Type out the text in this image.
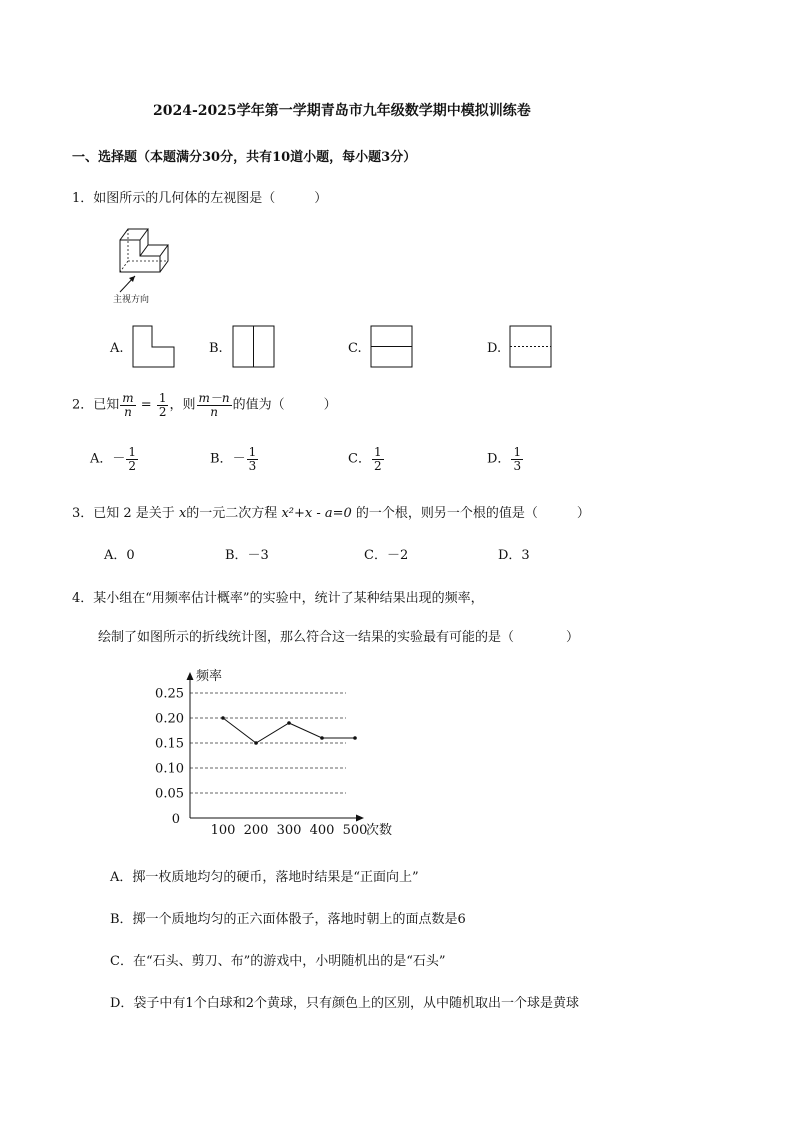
2024-2025学年第一学期青岛市九年级数学期中模拟训练卷
一、选择题（本题满分30分，共有10道小题，每小题3分）
1．如图所示的几何体的左视图是（　　　）
主视方向
A.	B.	C.	D.
2．已知 $\frac{m}{n} = \frac{1}{2}$ ，则 $\frac{m-n}{n}$ 的值为（　　　）
A．－ $\frac{1}{2}$	B．－ $\frac{1}{3}$	C． $\frac{1}{2}$	D． $\frac{1}{3}$
3．已知 2 是关于 x的一元二次方程 x²+x - a=0 的一个根，则另一个根的值是（　　　）
A．0	B．－3	C．－2	D．3
4．某小组在“用频率估计概率”的实验中，统计了某种结果出现的频率，
绘制了如图所示的折线统计图，那么符合这一结果的实验最有可能的是（　　　　）
频率
次数
0
0.05
0.10
0.15
0.20
0.25
100 200 300 400 500
A．掷一枚质地均匀的硬币，落地时结果是“正面向上”
B．掷一个质地均匀的正六面体骰子，落地时朝上的面点数是6
C．在“石头、剪刀、布”的游戏中，小明随机出的是“石头”
D．袋子中有1个白球和2个黄球，只有颜色上的区别，从中随机取出一个球是黄球
